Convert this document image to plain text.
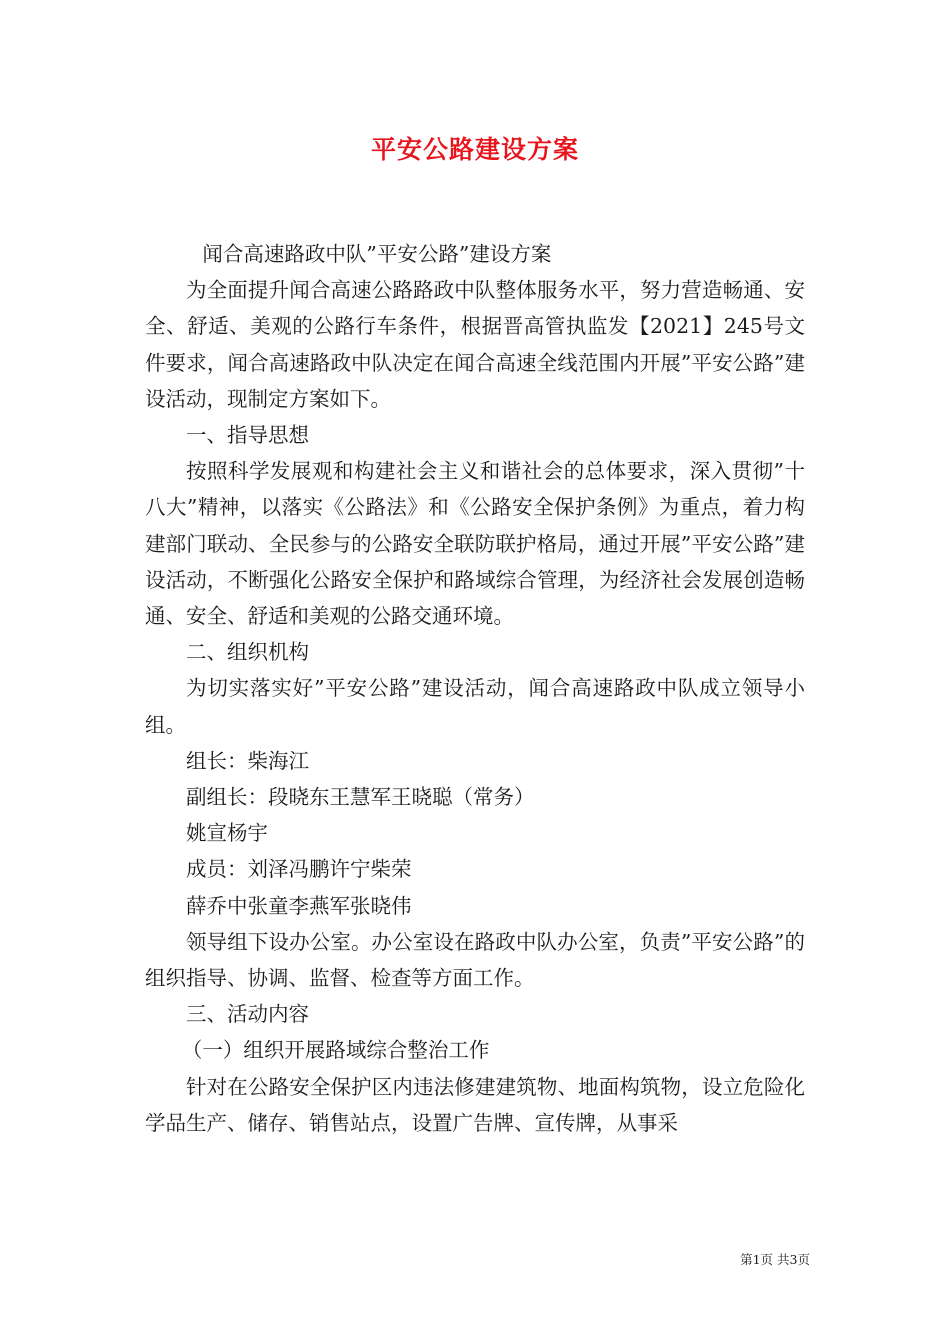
平安公路建设方案

闻合高速路政中队”平安公路”建设方案

为全面提升闻合高速公路路政中队整体服务水平，努力营造畅通、安全、舒适、美观的公路行车条件，根据晋高管执监发【2021】245号文件要求，闻合高速路政中队决定在闻合高速全线范围内开展”平安公路”建设活动，现制定方案如下。

一、指导思想

按照科学发展观和构建社会主义和谐社会的总体要求，深入贯彻”十八大”精神，以落实《公路法》和《公路安全保护条例》为重点，着力构建部门联动、全民参与的公路安全联防联护格局，通过开展”平安公路”建设活动，不断强化公路安全保护和路域综合管理，为经济社会发展创造畅通、安全、舒适和美观的公路交通环境。

二、组织机构

为切实落实好”平安公路”建设活动，闻合高速路政中队成立领导小组。

组长：柴海江

副组长：段晓东王慧军王晓聪（常务）

姚宣杨宇

成员：刘泽冯鹏许宁柴荣

薛乔中张童李燕军张晓伟

领导组下设办公室。办公室设在路政中队办公室，负责”平安公路”的组织指导、协调、监督、检查等方面工作。

三、活动内容

（一）组织开展路域综合整治工作

针对在公路安全保护区内违法修建建筑物、地面构筑物，设立危险化学品生产、储存、销售站点，设置广告牌、宣传牌，从事采

第1页 共3页
